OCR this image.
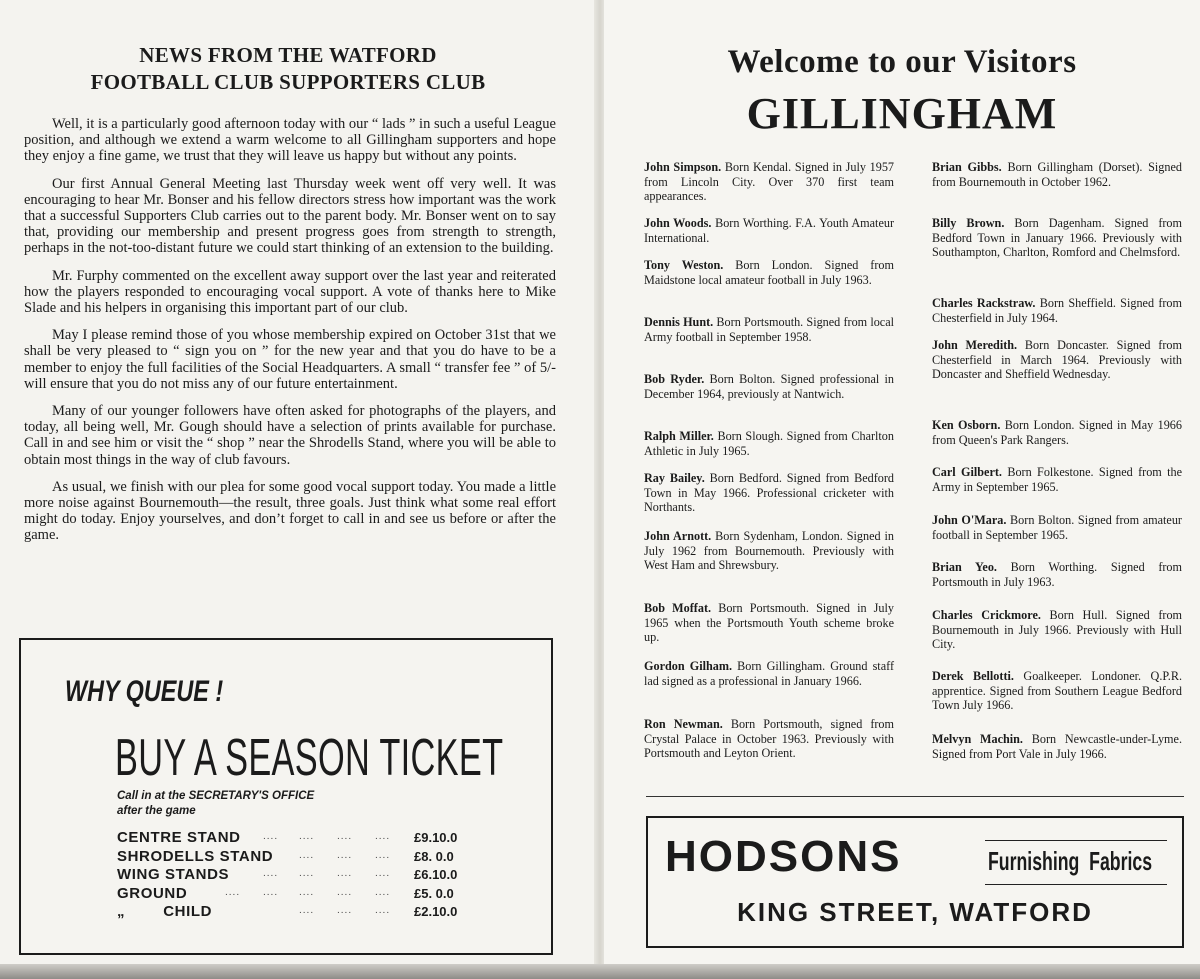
NEWS FROM THE WATFORD
FOOTBALL CLUB SUPPORTERS CLUB

Well, it is a particularly good afternoon today with our “ lads ” in such a useful League position, and although we extend a warm welcome to all Gillingham supporters and hope they enjoy a fine game, we trust that they will leave us happy but without any points.

Our first Annual General Meeting last Thursday week went off very well. It was encouraging to hear Mr. Bonser and his fellow directors stress how important was the work that a successful Supporters Club carries out to the parent body. Mr. Bonser went on to say that, providing our membership and present progress goes from strength to strength, perhaps in the not-too-distant future we could start thinking of an extension to the building.

Mr. Furphy commented on the excellent away support over the last year and reiterated how the players responded to encouraging vocal support. A vote of thanks here to Mike Slade and his helpers in organising this important part of our club.

May I please remind those of you whose membership expired on October 31st that we shall be very pleased to “ sign you on ” for the new year and that you do have to be a member to enjoy the full facilities of the Social Headquarters. A small “ transfer fee ” of 5/- will ensure that you do not miss any of our future entertainment.

Many of our younger followers have often asked for photographs of the players, and today, all being well, Mr. Gough should have a selection of prints available for purchase. Call in and see him or visit the “ shop ” near the Shrodells Stand, where you will be able to obtain most things in the way of club favours.

As usual, we finish with our plea for some good vocal support today. You made a little more noise against Bournemouth—the result, three goals. Just think what some real effort might do today. Enjoy yourselves, and don’t forget to call in and see us before or after the game.

WHY QUEUE !
BUY A SEASON TICKET
Call in at the SECRETARY'S OFFICE
after the game
CENTRE STAND .... .... .... .... £9.10.0
SHRODELLS STAND	.... .... .... £8. 0.0
WING STANDS	.... .... .... .... £6.10.0
GROUND	.... .... .... .... .... £5. 0.0
„        CHILD	.... .... .... £2.10.0
Welcome to our Visitors
GILLINGHAM
John Simpson. Born Kendal. Signed in July 1957 from Lincoln City. Over 370 first team appearances.
John Woods. Born Worthing. F.A. Youth Amateur International.
Tony Weston. Born London. Signed from Maidstone local amateur football in July 1963.
Dennis Hunt. Born Portsmouth. Signed from local Army football in September 1958.
Bob Ryder. Born Bolton. Signed professional in December 1964, previously at Nantwich.
Ralph Miller. Born Slough. Signed from Charlton Athletic in July 1965.
Ray Bailey. Born Bedford. Signed from Bedford Town in May 1966. Professional cricketer with Northants.
John Arnott. Born Sydenham, London. Signed in July 1962 from Bournemouth. Previously with West Ham and Shrewsbury.
Bob Moffat. Born Portsmouth. Signed in July 1965 when the Portsmouth Youth scheme broke up.
Gordon Gilham. Born Gillingham. Ground staff lad signed as a professional in January 1966.
Ron Newman. Born Portsmouth, signed from Crystal Palace in October 1963. Previously with Portsmouth and Leyton Orient.
Brian Gibbs. Born Gillingham (Dorset). Signed from Bournemouth in October 1962.
Billy Brown. Born Dagenham. Signed from Bedford Town in January 1966. Previously with Southampton, Charlton, Romford and Chelmsford.
Charles Rackstraw. Born Sheffield. Signed from Chesterfield in July 1964.
John Meredith. Born Doncaster. Signed from Chesterfield in March 1964. Previously with Doncaster and Sheffield Wednesday.
Ken Osborn. Born London. Signed in May 1966 from Queen's Park Rangers.
Carl Gilbert. Born Folkestone. Signed from the Army in September 1965.
John O'Mara. Born Bolton. Signed from amateur football in September 1965.
Brian Yeo. Born Worthing. Signed from Portsmouth in July 1963.
Charles Crickmore. Born Hull. Signed from Bournemouth in July 1966. Previously with Hull City.
Derek Bellotti. Goalkeeper. Londoner. Q.P.R. apprentice. Signed from Southern League Bedford Town July 1966.
Melvyn Machin. Born Newcastle-under-Lyme. Signed from Port Vale in July 1966.
HODSONS	Furnishing  Fabrics
KING STREET, WATFORD
